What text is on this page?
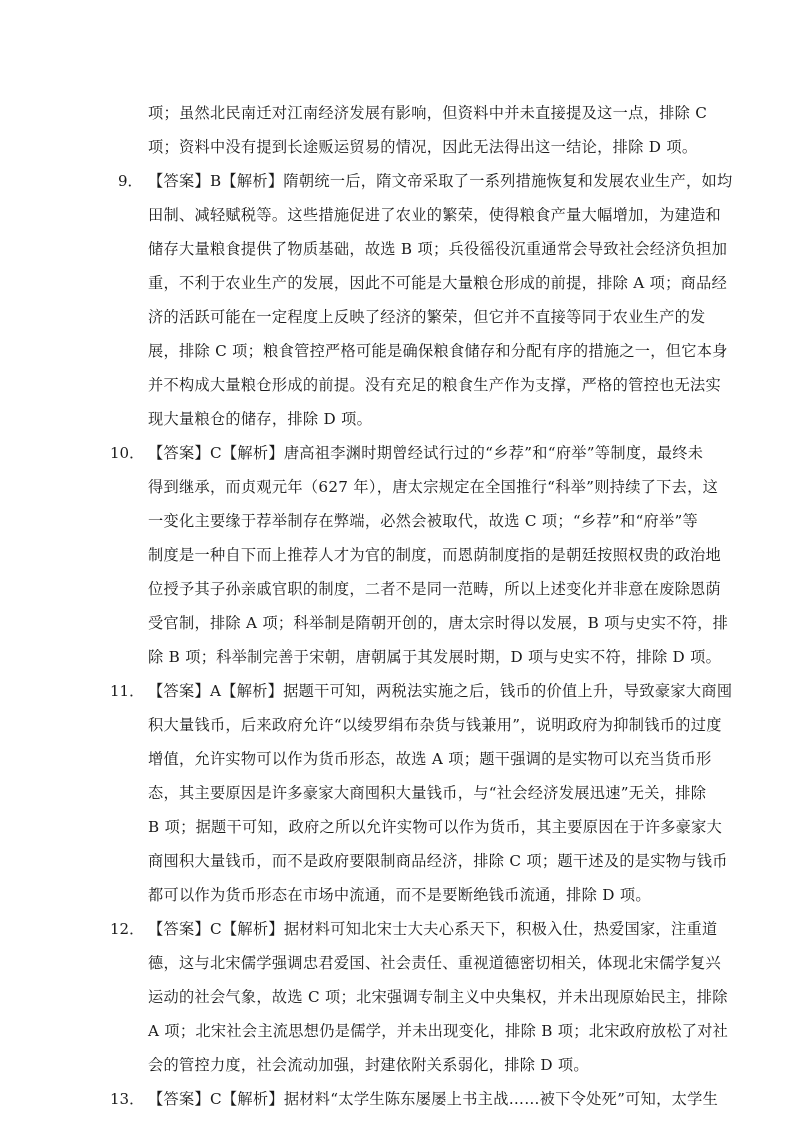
项；虽然北民南迁对江南经济发展有影响，但资料中并未直接提及这一点，排除 C
项；资料中没有提到长途贩运贸易的情况，因此无法得出这一结论，排除 D 项。
9． 【答案】B【解析】隋朝统一后，隋文帝采取了一系列措施恢复和发展农业生产，如均
田制、减轻赋税等。这些措施促进了农业的繁荣，使得粮食产量大幅增加，为建造和
储存大量粮食提供了物质基础，故选 B 项；兵役徭役沉重通常会导致社会经济负担加
重，不利于农业生产的发展，因此不可能是大量粮仓形成的前提，排除 A 项；商品经
济的活跃可能在一定程度上反映了经济的繁荣，但它并不直接等同于农业生产的发
展，排除 C 项；粮食管控严格可能是确保粮食储存和分配有序的措施之一，但它本身
并不构成大量粮仓形成的前提。没有充足的粮食生产作为支撑，严格的管控也无法实
现大量粮仓的储存，排除 D 项。
10． 【答案】C【解析】唐高祖李渊时期曾经试行过的“乡荐”和“府举”等制度，最终未
得到继承，而贞观元年（627 年），唐太宗规定在全国推行“科举”则持续了下去，这
一变化主要缘于荐举制存在弊端，必然会被取代，故选 C 项；“乡荐”和“府举”等
制度是一种自下而上推荐人才为官的制度，而恩荫制度指的是朝廷按照权贵的政治地
位授予其子孙亲戚官职的制度，二者不是同一范畴，所以上述变化并非意在废除恩荫
受官制，排除 A 项；科举制是隋朝开创的，唐太宗时得以发展，B 项与史实不符，排
除 B 项；科举制完善于宋朝，唐朝属于其发展时期，D 项与史实不符，排除 D 项。
11． 【答案】A【解析】据题干可知，两税法实施之后，钱币的价值上升，导致豪家大商囤
积大量钱币，后来政府允许“以绫罗绢布杂货与钱兼用”，说明政府为抑制钱币的过度
增值，允许实物可以作为货币形态，故选 A 项；题干强调的是实物可以充当货币形
态，其主要原因是许多豪家大商囤积大量钱币，与“社会经济发展迅速”无关，排除
B 项；据题干可知，政府之所以允许实物可以作为货币，其主要原因在于许多豪家大
商囤积大量钱币，而不是政府要限制商品经济，排除 C 项；题干述及的是实物与钱币
都可以作为货币形态在市场中流通，而不是要断绝钱币流通，排除 D 项。
12． 【答案】C【解析】据材料可知北宋士大夫心系天下，积极入仕，热爱国家，注重道
德，这与北宋儒学强调忠君爱国、社会责任、重视道德密切相关，体现北宋儒学复兴
运动的社会气象，故选 C 项；北宋强调专制主义中央集权，并未出现原始民主，排除
A 项；北宋社会主流思想仍是儒学，并未出现变化，排除 B 项；北宋政府放松了对社
会的管控力度，社会流动加强，封建依附关系弱化，排除 D 项。
13． 【答案】C【解析】据材料“太学生陈东屡屡上书主战……被下令处死”可知，太学生
